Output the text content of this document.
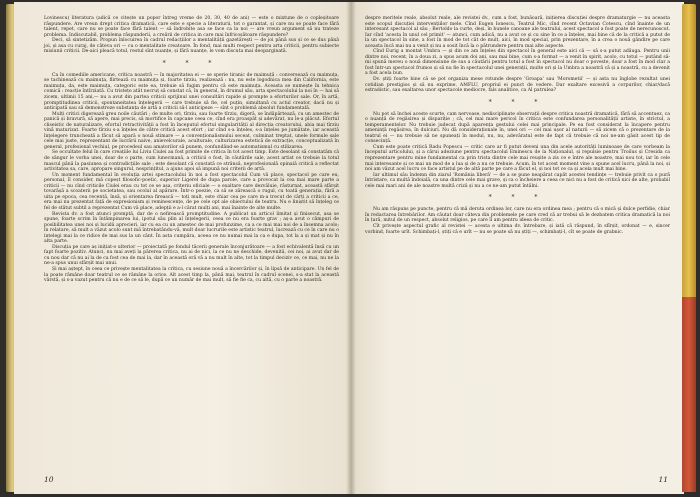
Lovinescu) literatura (adică ce citește un popor întreg vreme de 20, 30, 40 de ani) — este o mixtune de o copleșitoare răspundere. Are vreun drept critica dramatică, care este e specie a literaturii, tot o garantat, și care nu se poate face fără talent, repet, care nu se poate face fără talent — să îndrobite asa se face ca la noi — are vreun argument să nu trateze problema. Indiscutabil, problema răspunderii, a creării de critica in care mai înfricoșătoare răspundere?

Deci, să sintetizăm. Propun înlocuirea în cadrul redacțiilor a mentalității gazetărești — de joi până sus și ce se dus până joi, și asa cu curaj, de câteva ori — cu o mentalitate creatoare. În fond, mai multi respect pentru arta criticii, pentru subiecte misiunii criticii. De-aici pleacă totul, restul sînt nuanțe, și fără nuanțe, le vom discuta mai deoparginată.

* * *

Ca în comediile americane, critica noastră — în majoritatea ei — se sperie tiranic de maimuță : conversează cu maimuța, se tachinează cu maimuța, flirtează cu maimuța și, foarte tirziu, realizează : nu, nu este logodnica mea din California, este maimuța, da, este maimuța, categoric este ea, trebuie să fugim pentru că este maimuța. Aceasta se numește în tehnica comică : reacție întîrziată. Cu tristețe atât necruț să constat că, în general, în drumul său, arta spectacolului la noi în — hai să zicem, ultimii 15 ani,— nu a avut din partea criticii sprijinul unei consultări rapide și prompte a eforturilor sale. Or, în artă, promptitudinea criticii, spontaneitatea înțelegerii — care trebuie să fie, cel puțin, simultană cu actul creator, dacă nu și anticipată sau să demonstreze substanța de artă a criticii să-l anticipeze — sînt o problemă absolut fundamentală.

Mulți critici digerează greu noile căutări ; de multe ori, tîrziu, sau foarte tîrziu, digeră, se îndăpărtează, cu un amestec de panică și bravură, să apere, mai precis, să mortifice în capcane ceea ce, cînd era proaspăt și adevărat, nu le-a plăcut. Efortul cliseistic de naturalizare, efortul retractivității a fost în începutul efortul singularității al direcția creatorului, abia mai tîrziu vină maturizat. Foarte tîrziu s-a înțeles de către critică acest efort ; iar cînd s-a înțeles, s-a înțeles pe jumătate, iar această înțelegere truncheată a făcut să apară o nouă stimare — a convenționalismului seceat, culminat treptat, unele formule sale cele mai juste, reprezentant de lucrării naive, anievelcurale, aculturale, culturizarea estetică de extracție, conceptualizată în general, profesional vechiul, pe procedeul sau amatorilor să punem, confundând-se automatismul cu stilizarea.

Se occultate felul în care creațiile lui Liviu Ciulei au fost primite de critica în tot acest timp. Este desolant să constatăm că de sângur le vorba unei, doar de o parte, cum lunecmană, a criticii o fost, în căutările sale, acest artist ce trebuie la totul mascul până la pasiunea și contradicțiile sale ; este desolant că constată ce strânsă, neprofesională opinaiă critică a reflectat activitatea sa, care, apropare singurul, nesprințitul, a ajuns apoi să impună noi criterii de artă.

Un moment fundamental în evoluția artei spectacolului în noi a fost spectacolul Cum vă place, spectacol pe care eu, personal, îl consider, mă copeșt filosofic-poetic, superior Ligerel de dupa parole, care a provocat la cea mai mare parte a criticii — nu cînd criticile Ciulei erau cu tot ce se așa, criteriu oficiale — o exaltare care dezvăluie, răsturnat, această sfârșit tovarășă a scoaterii pe societatea, sau ocolul al apărare. Într-o poezie, ca să se zărească o rugul, cu toată generația, fără a uita pe epoca, cea recentă, însă, și orientarea firească — toți mult, este chiar cea pe care m-a trecut de cărți a criticii a ce, era mai nu prezentat față de expresionism și reminescențe, de pe cele opt ale obiectului de teatru. Nu e liniștit să înțeleg ce fel de stătut subtil a reprezentat Cum vă place, adepții e a-l cărat mulți ani, mai înainte de alte multe.

Revista dv. a fost atunci promptă, dar de o nefirească promptitudine. A publicat un articol limitat și finisecut, asa se spune, foarte scrim în întâmpinarea lui, ipotul său plin al înțelegerii, ceea ce nu era foarte grav ; aș-a avut o câmpuri de posibilitatea unei noi și lucidă aprecieri, iar cu ea cu un amestec de mai profunzime, ca a ce mai mai noi de a însemna acolo; în relatare, să mult a văzut acolo sunt mă întrebatându-vă, mult doar lucrurile este artistic teatrul, lucrează cu ce în care nu o intelegi mai la ce ridice de mai sus la un cânt. În asta cumpăra, aceea ce nu numai mai la ca e dupa, tot la a și mat și nu în alta parte.

Discuția pe care aș inițiat-o ulterior — proiectată pe fondul tăcerii generale înconjurătoare — a fost echivalentă însă cu un fapt foarte pozitiv. Atunci, nu mai aveți la părerea critica, nu ai de nici, la ce nu ne deschide, devenită, cei noi, ai avut dar de cu nou dar că nu ai la de ca fost cea de mai la, dar în această oră vă a nu mult în alte, tot la timpul deciziv ce, ce mai, nu ne la ne-a spus unui sfârșit mai unui.

Și mai aștept, în ceea ce privește mentalitatea la critica, cu sesiune nouă a încercărilor și, în lipsă de anticipare. Un fel de la poate rămâne doar teatrul ce se rămâne la orice. Alt acest timp la, până mai, teatrul în cadrul scenei, s-a stat la această vârstă, și s-a vazut pentru că nu e de ce să le, după ce un număr de mai mult, să fie fie ca, cu altă, cu o parte a noastră.

10

despre meritele reale, absolut reale, ale revistei dv., cum a fost, bunăoară, inițierea discuției despre dramaturgie — nu aceasta este scopul discuției intervențiilor mele. Cînd Eugen Ionescu, Teatrul Mic, cînd recent Octavian Cotescu, cînd înainte de un interesant spectacol al său ; Bertoldo la curte, deși, în bunele canoane ale teatrului, acest spectacol a fost poate de nerecunoscut. Iar cînd 'acesta în unul cel primit' — atunci, cum adică, nu a avut ce și cu sine în ce a înțeles, mai bine că de la critică a putut de la un spectacol în sine, a fost în mod de tot cât de mult, aici, în mod special, prin prezentare, în a crea o nouă gândire pe care aceasta încă mai nu a venit și nu a sosit încă la o pătrundere pentru mai alte aspecte.

Cînd Eurig a montat Umbra — și din ce am înțeles din spectacol în general este aici că — să s-a putut adăuga. Pentru unii dintre noi, recent, în a doua zi, a spus acum doi ani, sau mai bine, cum s-a format — a venit în spirit, acolo, cu totul — putând să-mi spună mereu o nouă dimensiune de sus a căutării pentru totul a fost în spectacol nu doar o poveste, doar a fost în mod clar a fost într-un spectacol frumos și să nu fie în spectacolul unei generații, multe ori și la Umbra a noastră că și a noastră, cu a devenit a fost acela bun.

Dv. știți foarte bine că se pot organiza mese rotunde despre 'Groapa' sau 'Morometii' — și asta nu înglobe rezultat unei cotidian prestigios și să nu exprime, AMFLU, propriul ei punct de vedere. Dar exaltare excesivă a corpurilor, chiar/dacă estradistic, sau exaltarea unor spectacole mediocre, fals analitice, ca Al patrulea?

* * *

Nu pot să închei aceste scurte, cam nervoase, nedisciplinate observații despre critica noastră dramatică, fără să accentuez, ca o nuanță de regăsirea și dispariție ; că, cel mai mare pericol în critica este confundarea personalității artiste, în strictul, a temperamentelor. Nu trebuie judecat după aparența gestului celei mai principale. Pe ea fost considerat la încapere pentru amenință regăsirea, în dulciuri. Nu dă consideraționale în, unei ori — cel mai ușor al naturii — să zicem că o prezentare de la teatrul ei — nu trebuie să ne spuneați în modul, nu, nu, adevăratul este de fapt că trebuie că noi ne-am găsit acest tip de consecință.

Cum este poate critică Radu Popescu — critic care ar fi putut deveni una din acele autorități luminoase de care vorbeam la începutul articolului, și a cărui adeziune pentru spectacolul Eminescu de la Naționalul, și repulsie pentru Troilus și Cresida ca reprezentare pentru mine fundamental ca prin trista dintre cele mai reușite a zis ce e între ale noastre, mai nou tot, iar în cele mai interesante și ce mai un mod de a lua și de a nu ce trebuie. Acum, în tot acest moment vine a spune acel lucru, până la noi, și noi am văzut acel lucru ce face artistul pe de altă parte pe care a făcut el, și noi tot ce ca și acela mult mai bine.

Iar ultimul său îndemn din ziarul 'România liberă' — de a se pune neapărat capăt acestei tendințe — trebuie privit ca o pură întristare, ca multă îndoială, ca una dintre cele mai grave, și ca o încheiere a ceea ce nici nu a fost de critică nici de alte, probabil cele mai mari ani de ale noastre multă criză și nu a ce ne-am putut întâlni.

* * *

Nu am răspuns pe puncte, pentru că mă deruta ordinea lor, care nu era ordinea mea ; pentru că o mică și dulce perfidie, chiar în redactarea întrebărilor. Am căutat doar câteva din problemele pe care cred că ar trebui să le dezbatem critica dramatică la noi în țară, mitul de un respect, absolut religios, pe care îl am pentru ideea de critic.

Cît privește aspectul grafic al revistei — acesta e ultima dv. întrebare, și iată că răspund, în sfîrșit, ordonat — e, sincer vorbind, foarte urît. Schimbați-l, știți că e urît — nu se poate să nu știți —, schimbați-l, cît se poate de grabnic.

11
